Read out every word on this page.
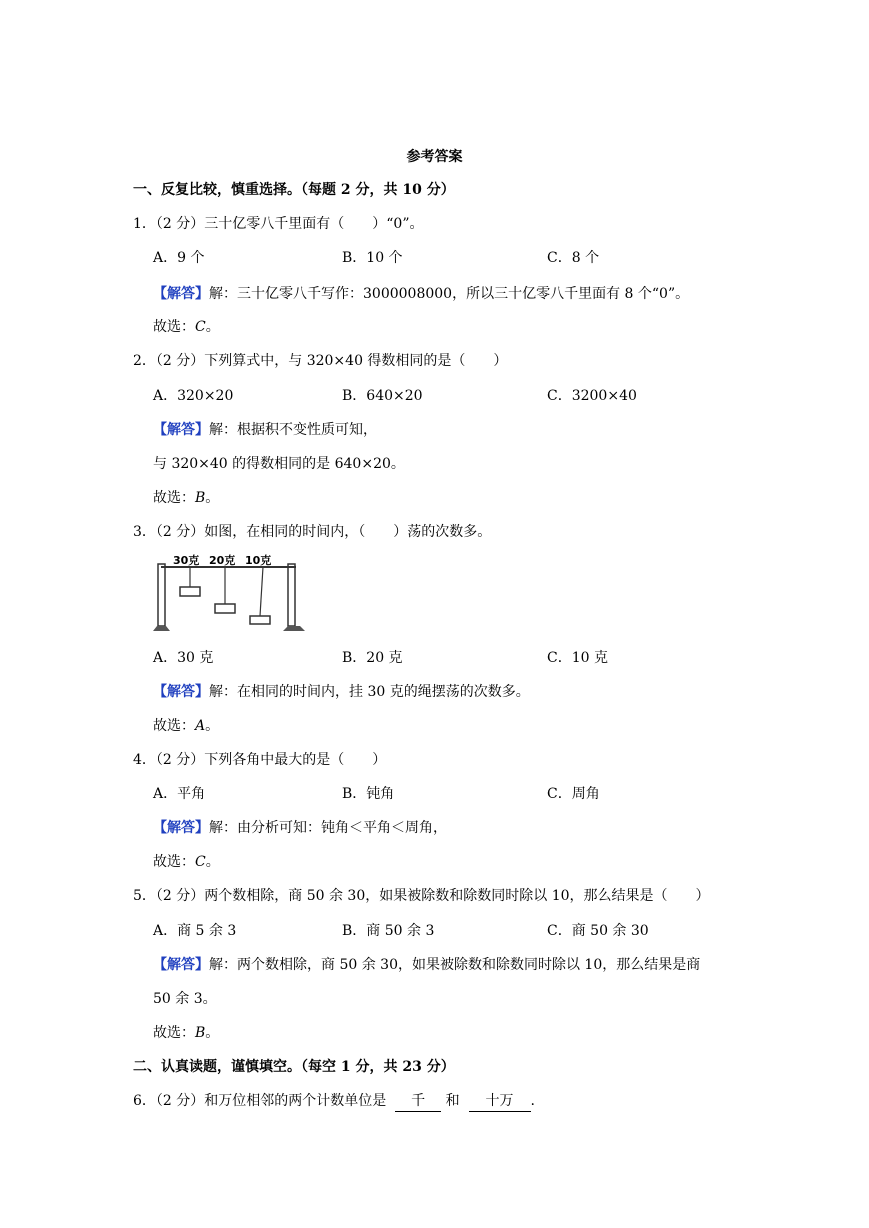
参考答案
一、反复比较，慎重选择。（每题 2 分，共 10 分）
1．（2 分）三十亿零八千里面有（　　）“0”。
A．9 个	B．10 个	C．8 个
【解答】解：三十亿零八千写作：3000008000，所以三十亿零八千里面有 8 个“0”。
故选：C。
2．（2 分）下列算式中，与 320×40 得数相同的是（　　）
A．320×20	B．640×20	C．3200×40
【解答】解：根据积不变性质可知，
与 320×40 的得数相同的是 640×20。
故选：B。
3．（2 分）如图，在相同的时间内，（　　）荡的次数多。
30克 20克 10克
A．30 克	B．20 克	C．10 克
【解答】解：在相同的时间内，挂 30 克的绳摆荡的次数多。
故选：A。
4．（2 分）下列各角中最大的是（　　）
A．平角	B．钝角	C．周角
【解答】解：由分析可知：钝角＜平角＜周角，
故选：C。
5．（2 分）两个数相除，商 50 余 30，如果被除数和除数同时除以 10，那么结果是（　　）
A．商 5 余 3	B．商 50 余 3	C．商 50 余 30
【解答】解：两个数相除，商 50 余 30，如果被除数和除数同时除以 10，那么结果是商
50 余 3。
故选：B。
二、认真读题，谨慎填空。（每空 1 分，共 23 分）
6．（2 分）和万位相邻的两个计数单位是 千 和 十万 .
